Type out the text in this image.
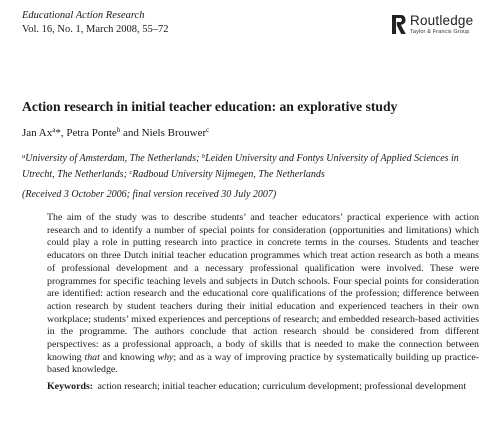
Educational Action Research
Vol. 16, No. 1, March 2008, 55–72
Routledge
Taylor & Francis Group
Action research in initial teacher education: an explorative study
Jan Ax$^a$*, Petra Ponte$^b$ and Niels Brouwer$^c$
$^a$University of Amsterdam, The Netherlands; $^b$Leiden University and Fontys University of Applied Sciences in Utrecht, The Netherlands; $^c$Radboud University Nijmegen, The Netherlands
(Received 3 October 2006; final version received 30 July 2007)
The aim of the study was to describe students’ and teacher educators’ practical experience with action research and to identify a number of special points for consideration (opportunities and limitations) which could play a role in putting research into practice in concrete terms in the courses. Students and teacher educators on three Dutch initial teacher education programmes which treat action research as both a means of professional development and a necessary professional qualification were involved. These were programmes for specific teaching levels and subjects in Dutch schools. Four special points for consideration are identified: action research and the educational core qualifications of the profession; difference between action research by student teachers during their initial education and experienced teachers in their own workplace; students’ mixed experiences and perceptions of research; and embedded research-based activities in the programme. The authors conclude that action research should be considered from different perspectives: as a professional approach, a body of skills that is needed to make the connection between knowing that and knowing why; and as a way of improving practice by systematically building up practice-based knowledge.
Keywords: action research; initial teacher education; curriculum development; professional development
